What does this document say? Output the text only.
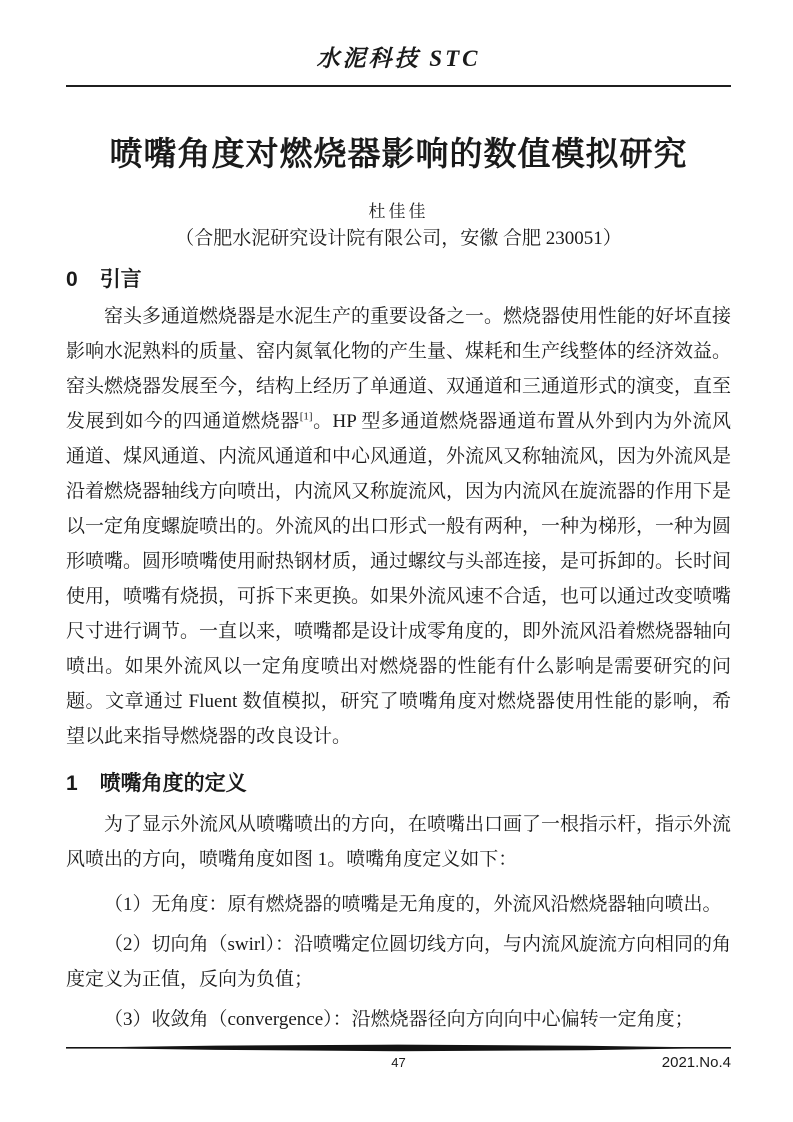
水泥科技 STC
喷嘴角度对燃烧器影响的数值模拟研究
杜佳佳
（合肥水泥研究设计院有限公司，安徽 合肥 230051）
0 引言

窑头多通道燃烧器是水泥生产的重要设备之一。燃烧器使用性能的好坏直接影响水泥熟料的质量、窑内氮氧化物的产生量、煤耗和生产线整体的经济效益。窑头燃烧器发展至今，结构上经历了单通道、双通道和三通道形式的演变，直至发展到如今的四通道燃烧器[1]。HP 型多通道燃烧器通道布置从外到内为外流风通道、煤风通道、内流风通道和中心风通道，外流风又称轴流风，因为外流风是沿着燃烧器轴线方向喷出，内流风又称旋流风，因为内流风在旋流器的作用下是以一定角度螺旋喷出的。外流风的出口形式一般有两种，一种为梯形，一种为圆形喷嘴。圆形喷嘴使用耐热钢材质，通过螺纹与头部连接，是可拆卸的。长时间使用，喷嘴有烧损，可拆下来更换。如果外流风速不合适，也可以通过改变喷嘴尺寸进行调节。一直以来，喷嘴都是设计成零角度的，即外流风沿着燃烧器轴向喷出。如果外流风以一定角度喷出对燃烧器的性能有什么影响是需要研究的问题。文章通过 Fluent 数值模拟，研究了喷嘴角度对燃烧器使用性能的影响，希望以此来指导燃烧器的改良设计。

1 喷嘴角度的定义

为了显示外流风从喷嘴喷出的方向，在喷嘴出口画了一根指示杆，指示外流风喷出的方向，喷嘴角度如图 1。喷嘴角度定义如下：

（1）无角度：原有燃烧器的喷嘴是无角度的，外流风沿燃烧器轴向喷出。

（2）切向角（swirl）：沿喷嘴定位圆切线方向，与内流风旋流方向相同的角度定义为正值，反向为负值；

（3）收敛角（convergence）：沿燃烧器径向方向向中心偏转一定角度；

47	2021.No.4
